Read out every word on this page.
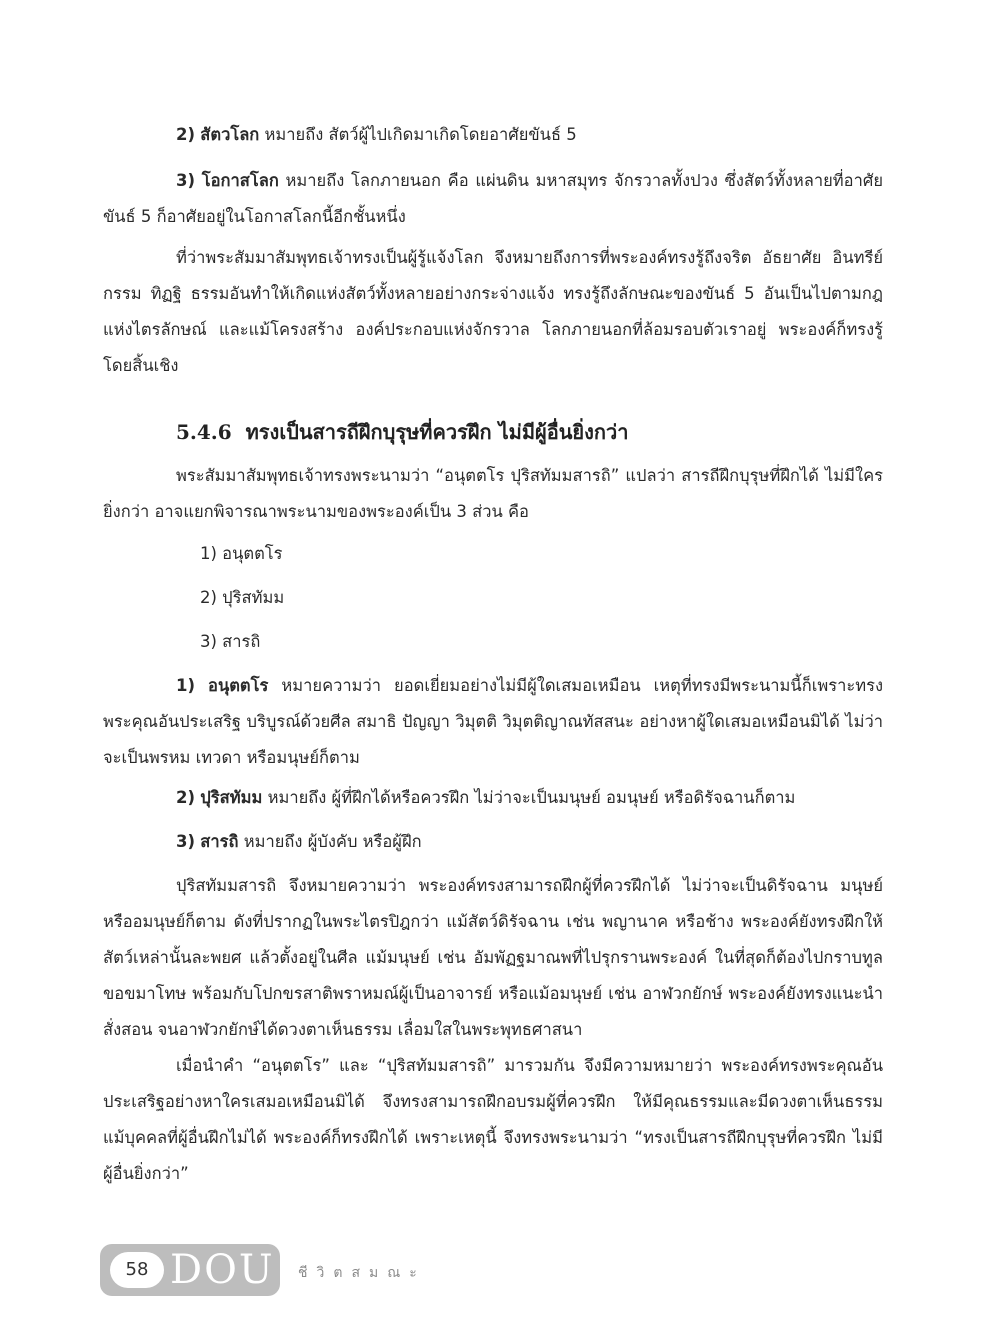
2) สัตวโลก หมายถึง สัตว์ผู้ไปเกิดมาเกิดโดยอาศัยขันธ์ 5

3) โอกาสโลก หมายถึง โลกภายนอก คือ แผ่นดิน มหาสมุทร จักรวาลทั้งปวง ซึ่งสัตว์ทั้งหลายที่อาศัยขันธ์ 5 ก็อาศัยอยู่ในโอกาสโลกนี้อีกชั้นหนึ่ง

ที่ว่าพระสัมมาสัมพุทธเจ้าทรงเป็นผู้รู้แจ้งโลก จึงหมายถึงการที่พระองค์ทรงรู้ถึงจริต อัธยาศัย อินทรีย์ กรรม ทิฏฐิ ธรรมอันทำให้เกิดแห่งสัตว์ทั้งหลายอย่างกระจ่างแจ้ง ทรงรู้ถึงลักษณะของขันธ์ 5 อันเป็นไปตามกฎแห่งไตรลักษณ์ และแม้โครงสร้าง องค์ประกอบแห่งจักรวาล โลกภายนอกที่ล้อมรอบตัวเราอยู่ พระองค์ก็ทรงรู้โดยสิ้นเชิง

5.4.6 ทรงเป็นสารถีฝึกบุรุษที่ควรฝึก ไม่มีผู้อื่นยิ่งกว่า

พระสัมมาสัมพุทธเจ้าทรงพระนามว่า “อนุตตโร ปุริสทัมมสารถิ” แปลว่า สารถีฝึกบุรุษที่ฝึกได้ ไม่มีใครยิ่งกว่า อาจแยกพิจารณาพระนามของพระองค์เป็น 3 ส่วน คือ

1) อนุตตโร

2) ปุริสทัมม

3) สารถิ

1) อนุตตโร หมายความว่า ยอดเยี่ยมอย่างไม่มีผู้ใดเสมอเหมือน เหตุที่ทรงมีพระนามนี้ก็เพราะทรงพระคุณอันประเสริฐ บริบูรณ์ด้วยศีล สมาธิ ปัญญา วิมุตติ วิมุตติญาณทัสสนะ อย่างหาผู้ใดเสมอเหมือนมิได้ ไม่ว่าจะเป็นพรหม เทวดา หรือมนุษย์ก็ตาม

2) ปุริสทัมม หมายถึง ผู้ที่ฝึกได้หรือควรฝึก ไม่ว่าจะเป็นมนุษย์ อมนุษย์ หรือดิรัจฉานก็ตาม

3) สารถิ หมายถึง ผู้บังคับ หรือผู้ฝึก

ปุริสทัมมสารถิ จึงหมายความว่า พระองค์ทรงสามารถฝึกผู้ที่ควรฝึกได้ ไม่ว่าจะเป็นดิรัจฉาน มนุษย์ หรืออมนุษย์ก็ตาม ดังที่ปรากฏในพระไตรปิฎกว่า แม้สัตว์ดิรัจฉาน เช่น พญานาค หรือช้าง พระองค์ยังทรงฝึกให้สัตว์เหล่านั้นละพยศ แล้วตั้งอยู่ในศีล แม้มนุษย์ เช่น อัมพัฏฐมาณพที่ไปรุกรานพระองค์ ในที่สุดก็ต้องไปกราบทูลขอขมาโทษ พร้อมกับโปกขรสาติพราหมณ์ผู้เป็นอาจารย์ หรือแม้อมนุษย์ เช่น อาฬวกยักษ์ พระองค์ยังทรงแนะนำสั่งสอน จนอาฬวกยักษ์ได้ดวงตาเห็นธรรม เลื่อมใสในพระพุทธศาสนา

เมื่อนำคำ “อนุตตโร” และ “ปุริสทัมมสารถิ” มารวมกัน จึงมีความหมายว่า พระองค์ทรงพระคุณอันประเสริฐอย่างหาใครเสมอเหมือนมิได้ จึงทรงสามารถฝึกอบรมผู้ที่ควรฝึก ให้มีคุณธรรมและมีดวงตาเห็นธรรม แม้บุคคลที่ผู้อื่นฝึกไม่ได้ พระองค์ก็ทรงฝึกได้ เพราะเหตุนี้ จึงทรงพระนามว่า “ทรงเป็นสารถีฝึกบุรุษที่ควรฝึก ไม่มีผู้อื่นยิ่งกว่า”

58 DOU ชีวิตสมณะ
